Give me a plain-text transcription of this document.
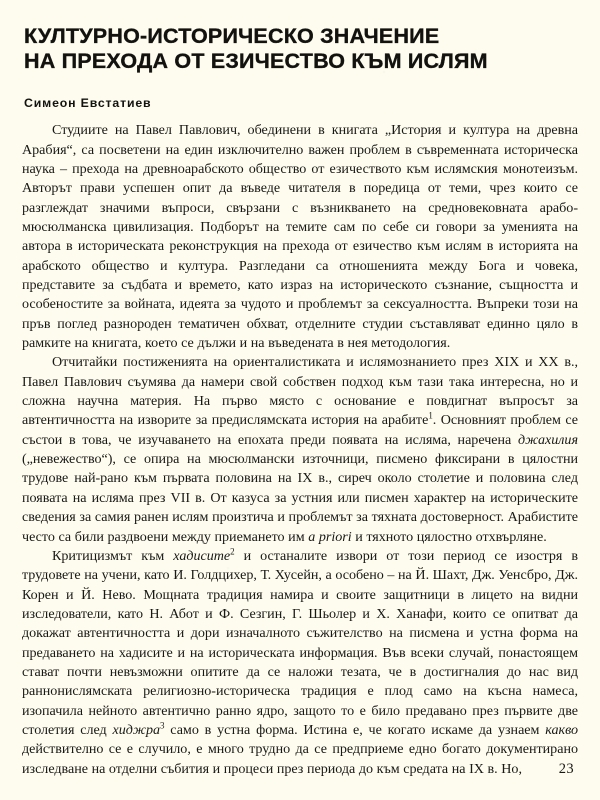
КУЛТУРНО-ИСТОРИЧЕСКО ЗНАЧЕНИЕ
НА ПРЕХОДА ОТ ЕЗИЧЕСТВО КЪМ ИСЛЯМ
Симеон Евстатиев

Студиите на Павел Павлович, обединени в книгата „История и култура на древна Арабия“, са посветени на един изключително важен проблем в съвременната историческа наука – прехода на древноарабското общество от езичеството към ислямския монотеизъм. Авторът прави успешен опит да въведе читателя в поредица от теми, чрез които се разглеждат значими въпроси, свързани с възникването на средновековната арабо-мюсюлманска цивилизация. Подборът на темите сам по себе си говори за уменията на автора в историческата реконструкция на прехода от езичество към ислям в историята на арабското общество и култура. Разгледани са отношенията между Бога и човека, представите за съдбата и времето, като израз на историческото съзнание, същността и особеностите за войната, идеята за чудото и проблемът за сексуалността. Въпреки този на пръв поглед разнороден тематичен обхват, отделните студии съставляват единно цяло в рамките на книгата, което се дължи и на въведената в нея методология.

Отчитайки постиженията на ориенталистиката и ислямознанието през XIX и XX в., Павел Павлович съумява да намери свой собствен подход към тази така интересна, но и сложна научна материя. На първо място с основание е повдигнат въпросът за автентичността на изворите за предислямската история на арабите$^1$. Основният проблем се състои в това, че изучаването на епохата преди появата на исляма, наречена джахилия („невежество“), се опира на мюсюлмански източници, писмено фиксирани в цялостни трудове най-рано към първата половина на IX в., сиреч около столетие и половина след появата на исляма през VII в. От казуса за устния или писмен характер на историческите сведения за самия ранен ислям произтича и проблемът за тяхната достоверност. Арабистите често са били раздвоени между приемането им a priori и тяхното цялостно отхвърляне.

Критицизмът към хадисите$^2$ и останалите извори от този период се изостря в трудовете на учени, като И. Голдцихер, Т. Хусейн, а особено – на Й. Шахт, Дж. Уенсбро, Дж. Корен и Й. Нево. Мощната традиция намира и своите защитници в лицето на видни изследователи, като Н. Абот и Ф. Сезгин, Г. Шьолер и Х. Ханафи, които се опитват да докажат автентичността и дори изначалното съжителство на писмена и устна форма на предаването на хадисите и на историческата информация. Във всеки случай, понастоящем стават почти невъзможни опитите да се наложи тезата, че в достигналия до нас вид раннонислямската религиозно-историческа традиция е плод само на късна намеса, изопачила нейното автентично ранно ядро, защото то е било предавано през първите две столетия след хиджра$^3$ само в устна форма. Истина е, че когато искаме да узнаем какво действително се е случило, е много трудно да се предприеме едно богато документирано изследване на отделни събития и процеси през периода до към средата на IX в. Но,	23
